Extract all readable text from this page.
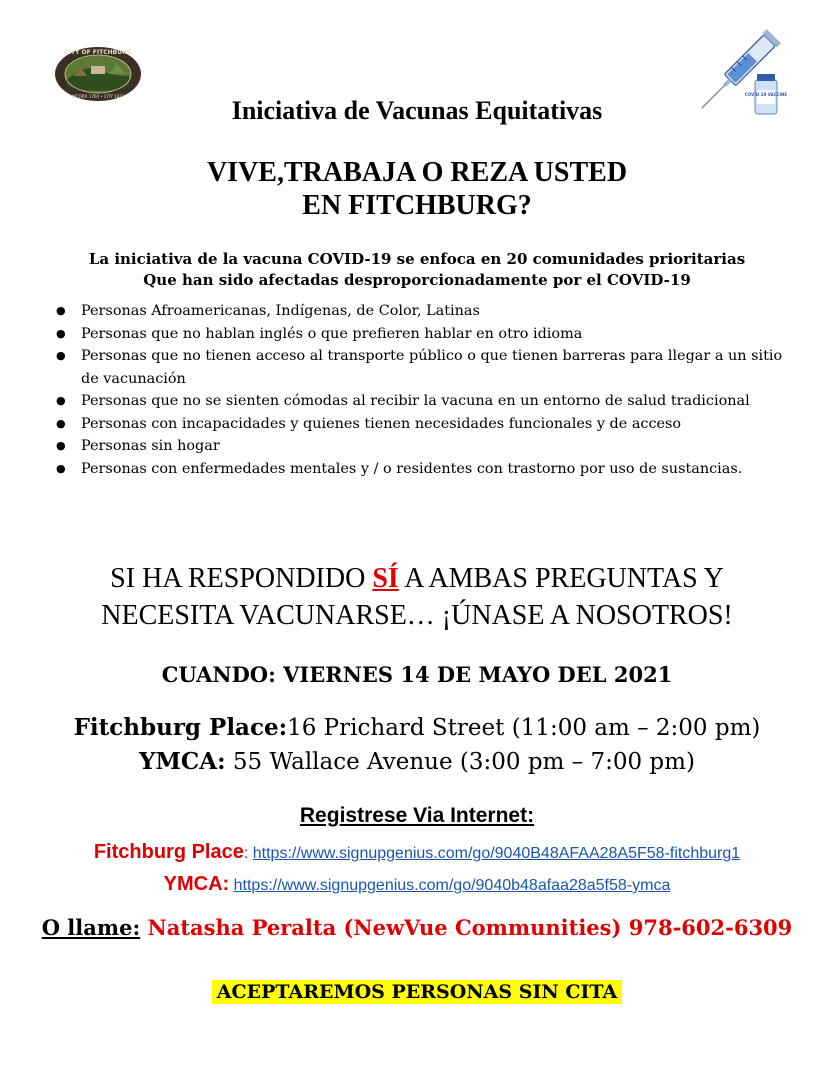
CITY OF FITCHBURG
INCORP. 1764 • CITY 1872	COVID-19 VACCINE
Iniciativa de Vacunas Equitativas
VIVE,TRABAJA O REZA USTED
EN FITCHBURG?
La iniciativa de la vacuna COVID-19 se enfoca en 20 comunidades prioritarias
Que han sido afectadas desproporcionadamente por el COVID-19
● Personas Afroamericanas, Indígenas, de Color, Latinas
● Personas que no hablan inglés o que prefieren hablar en otro idioma
● Personas que no tienen acceso al transporte público o que tienen barreras para llegar a un sitio de vacunación
● Personas que no se sienten cómodas al recibir la vacuna en un entorno de salud tradicional
● Personas con incapacidades y quienes tienen necesidades funcionales y de acceso
● Personas sin hogar
● Personas con enfermedades mentales y / o residentes con trastorno por uso de sustancias.
SI HA RESPONDIDO SÍ A AMBAS PREGUNTAS Y
NECESITA VACUNARSE… ¡ÚNASE A NOSOTROS!
CUANDO: VIERNES 14 DE MAYO DEL 2021
Fitchburg Place:16 Prichard Street (11:00 am – 2:00 pm)
YMCA: 55 Wallace Avenue (3:00 pm – 7:00 pm)
Registrese Via Internet:
Fitchburg Place: https://www.signupgenius.com/go/9040B48AFAA28A5F58-fitchburg1
YMCA: https://www.signupgenius.com/go/9040b48afaa28a5f58-ymca
O llame: Natasha Peralta (NewVue Communities) 978-602-6309
ACEPTAREMOS PERSONAS SIN CITA
